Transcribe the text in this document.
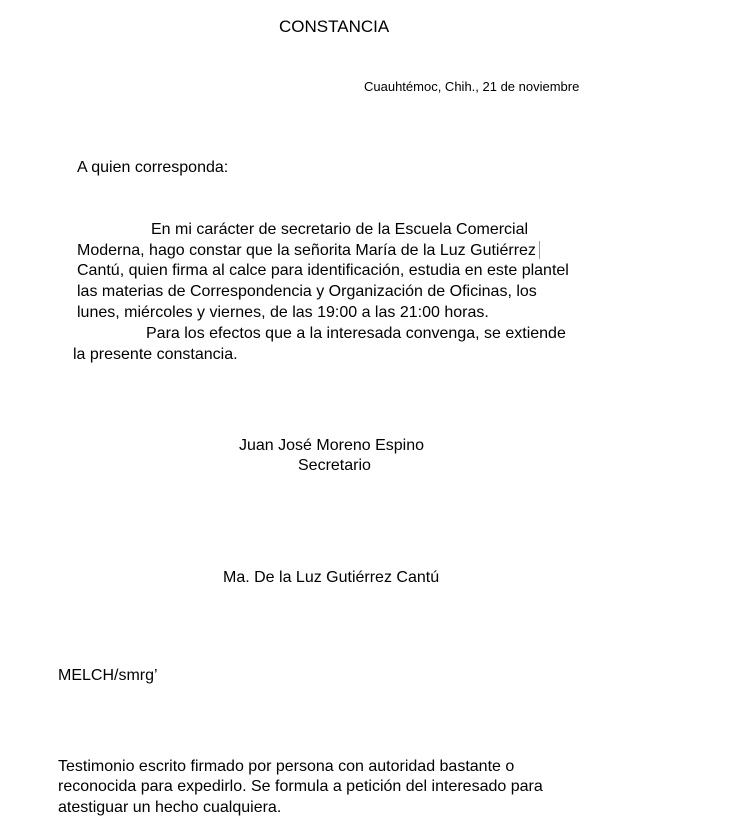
CONSTANCIA
Cuauhtémoc, Chih., 21 de noviembre
A quien corresponda:
En mi carácter de secretario de la Escuela Comercial
Moderna, hago constar que la señorita María de la Luz Gutiérrez
Cantú, quien firma al calce para identificación, estudia en este plantel
las materias de Correspondencia y Organización de Oficinas, los
lunes, miércoles y viernes, de las 19:00 a las 21:00 horas.
Para los efectos que a la interesada convenga, se extiende
la presente constancia.
Juan José Moreno Espino
Secretario
Ma. De la Luz Gutiérrez Cantú
MELCH/smrg’
Testimonio escrito firmado por persona con autoridad bastante o
reconocida para expedirlo. Se formula a petición del interesado para
atestiguar un hecho cualquiera.
